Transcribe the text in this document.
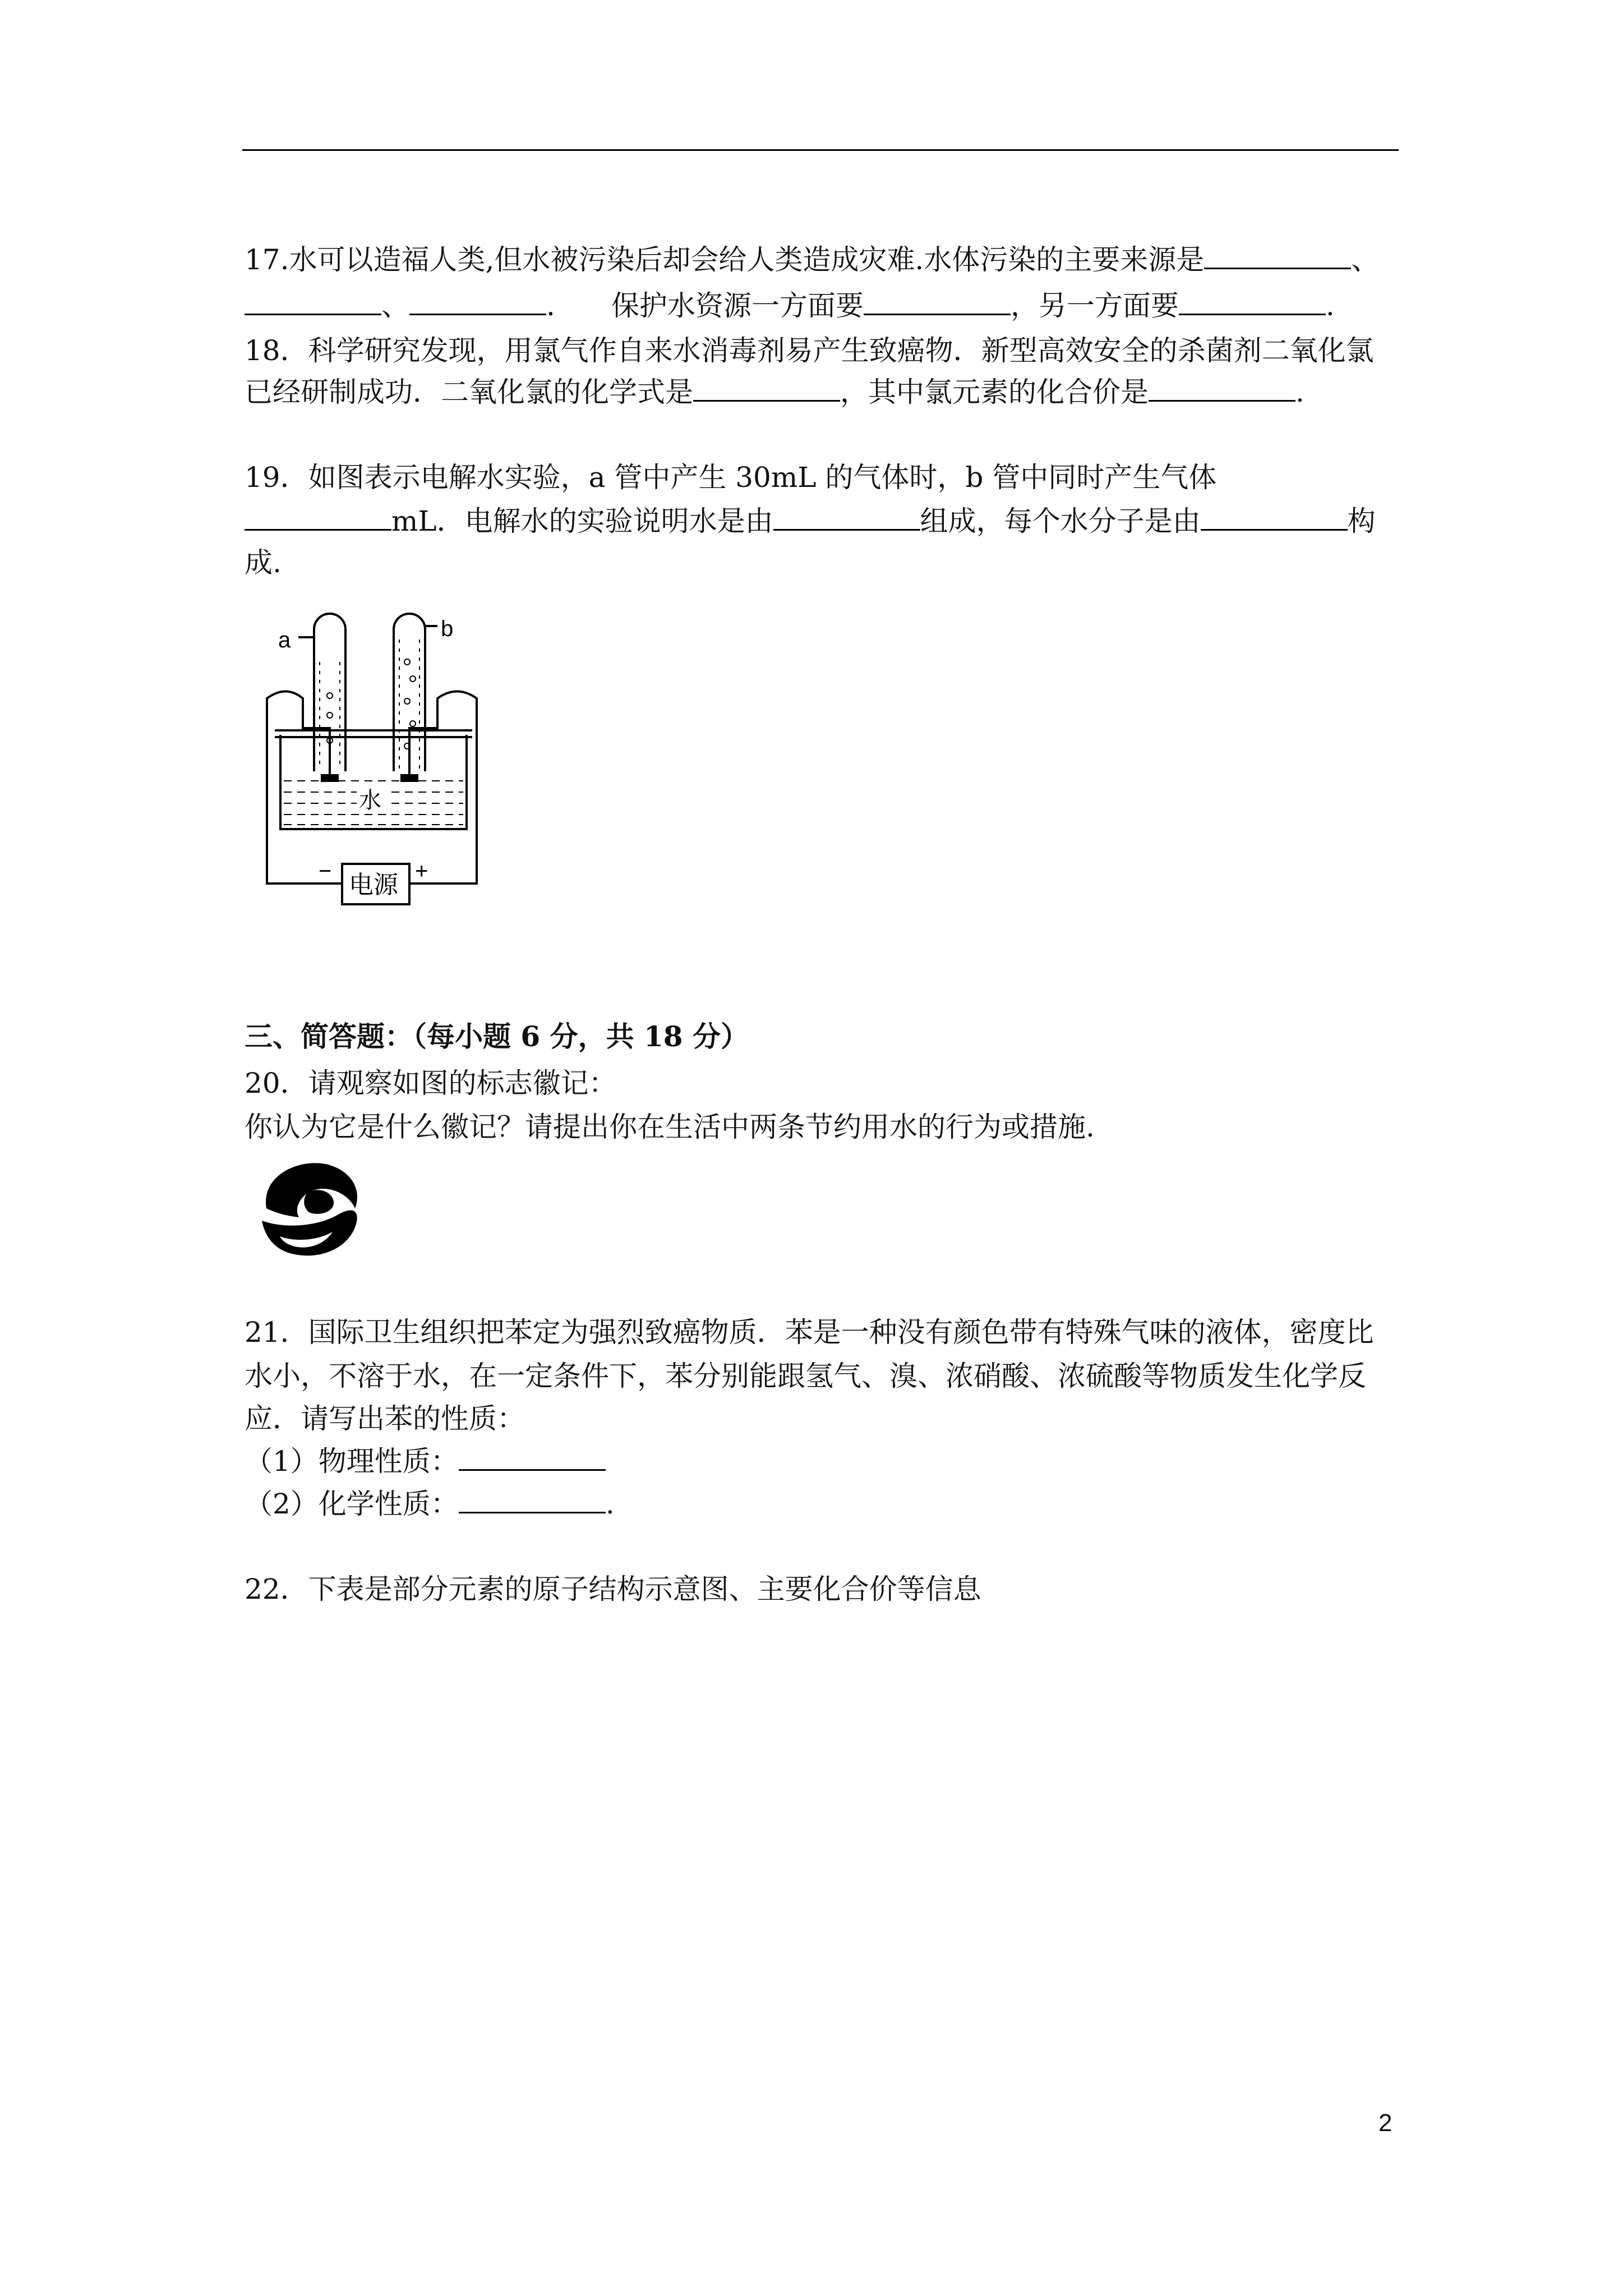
17.水可以造福人类,但水被污染后却会给人类造成灾难.水体污染的主要来源是	、
、	.　　保护水资源一方面要	，另一方面要	.
18．科学研究发现，用氯气作自来水消毒剂易产生致癌物．新型高效安全的杀菌剂二氧化氯
已经研制成功．二氧化氯的化学式是	，其中氯元素的化合价是	.
19．如图表示电解水实验，a 管中产生 30mL 的气体时，b 管中同时产生气体
mL．电解水的实验说明水是由	组成，每个水分子是由	构
成.
a	b
水
−	+
电源
三、简答题：（每小题 6 分，共 18 分）
20．请观察如图的标志徽记：
你认为它是什么徽记？请提出你在生活中两条节约用水的行为或措施.
21．国际卫生组织把苯定为强烈致癌物质．苯是一种没有颜色带有特殊气味的液体，密度比
水小，不溶于水，在一定条件下，苯分别能跟氢气、溴、浓硝酸、浓硫酸等物质发生化学反
应．请写出苯的性质：
（1）物理性质：
（2）化学性质：	.
22．下表是部分元素的原子结构示意图、主要化合价等信息
2
